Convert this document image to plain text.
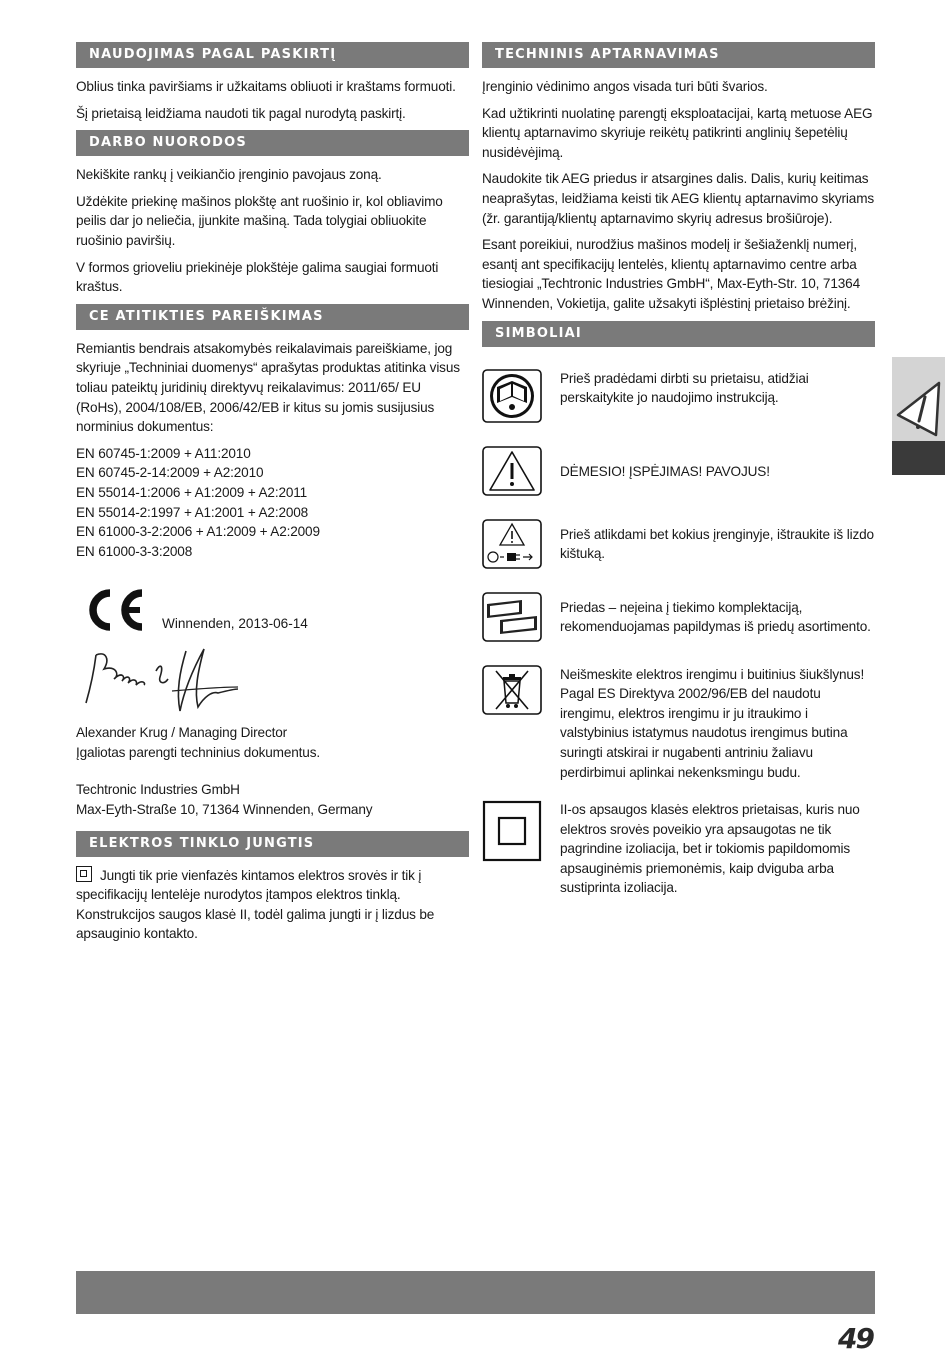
NAUDOJIMAS PAGAL PASKIRTĮ

Oblius tinka paviršiams ir užkaitams obliuoti ir kraštams formuoti.

Šį prietaisą leidžiama naudoti tik pagal nurodytą paskirtį.

DARBO NUORODOS

Nekiškite rankų į veikiančio įrenginio pavojaus zoną.

Uždėkite priekinę mašinos plokštę ant ruošinio ir, kol obliavimo peilis dar jo neliečia, įjunkite mašiną. Tada tolygiai obliuokite ruošinio paviršių.

V formos grioveliu priekinėje plokštėje galima saugiai formuoti kraštus.

CE ATITIKTIES PAREIŠKIMAS

Remiantis bendrais atsakomybės reikalavimais pareiškiame, jog skyriuje „Techniniai duomenys“ aprašytas produktas atitinka visus toliau pateiktų juridinių direktyvų reikalavimus: 2011/65/ EU (RoHs), 2004/108/EB, 2006/42/EB ir kitus su jomis susijusius norminius dokumentus:

EN 60745-1:2009 + A11:2010

EN 60745-2-14:2009 + A2:2010

EN 55014-1:2006 + A1:2009 + A2:2011

EN 55014-2:1997 + A1:2001 + A2:2008

EN 61000-3-2:2006 + A1:2009 + A2:2009

EN 61000-3-3:2008

Winnenden, 2013-06-14

Alexander Krug / Managing Director

Įgaliotas parengti techninius dokumentus.

Techtronic Industries GmbH

Max-Eyth-Straße 10, 71364 Winnenden, Germany

ELEKTROS TINKLO JUNGTIS

Jungti tik prie vienfazės kintamos elektros srovės ir tik į specifikacijų lentelėje nurodytos įtampos elektros tinklą. Konstrukcijos saugos klasė II, todėl galima jungti ir į lizdus be apsauginio kontakto.

TECHNINIS APTARNAVIMAS

Įrenginio vėdinimo angos visada turi būti švarios.

Kad užtikrinti nuolatinę parengtį eksploatacijai, kartą metuose AEG klientų aptarnavimo skyriuje reikėtų patikrinti anglinių šepetėlių nusidėvėjimą.

Naudokite tik AEG priedus ir atsargines dalis. Dalis, kurių keitimas neaprašytas, leidžiama keisti tik AEG klientų aptarnavimo skyriams (žr. garantiją/klientų aptarnavimo skyrių adresus brošiūroje).

Esant poreikiui, nurodžius mašinos modelį ir šešiaženklį numerį, esantį ant specifikacijų lentelės, klientų aptarnavimo centre arba tiesiogiai „Techtronic Industries GmbH“, Max-Eyth-Str. 10, 71364 Winnenden, Vokietija, galite užsakyti išplėstinį prietaiso brėžinį.

SIMBOLIAI
Prieš pradėdami dirbti su prietaisu, atidžiai perskaitykite jo naudojimo instrukciją.
DĖMESIO! ĮSPĖJIMAS! PAVOJUS!
Prieš atlikdami bet kokius įrenginyje, ištraukite iš lizdo kištuką.
Priedas – neįeina į tiekimo komplektaciją, rekomenduojamas papildymas iš priedų asortimento.
Neišmeskite elektros irengimu i buitinius šiukšlynus! Pagal ES Direktyva 2002/96/EB del naudotu irengimu, elektros irengimu ir ju itraukimo i valstybinius istatymus naudotus irengimus butina suringti atskirai ir nugabenti antriniu žaliavu perdirbimui aplinkai nekenksmingu budu.
II-os apsaugos klasės elektros prietaisas, kuris nuo elektros srovės poveikio yra apsaugotas ne tik pagrindine izoliacija, bet ir tokiomis papildomomis apsauginėmis priemonėmis, kaip dviguba arba sustiprinta izoliacija.
49
